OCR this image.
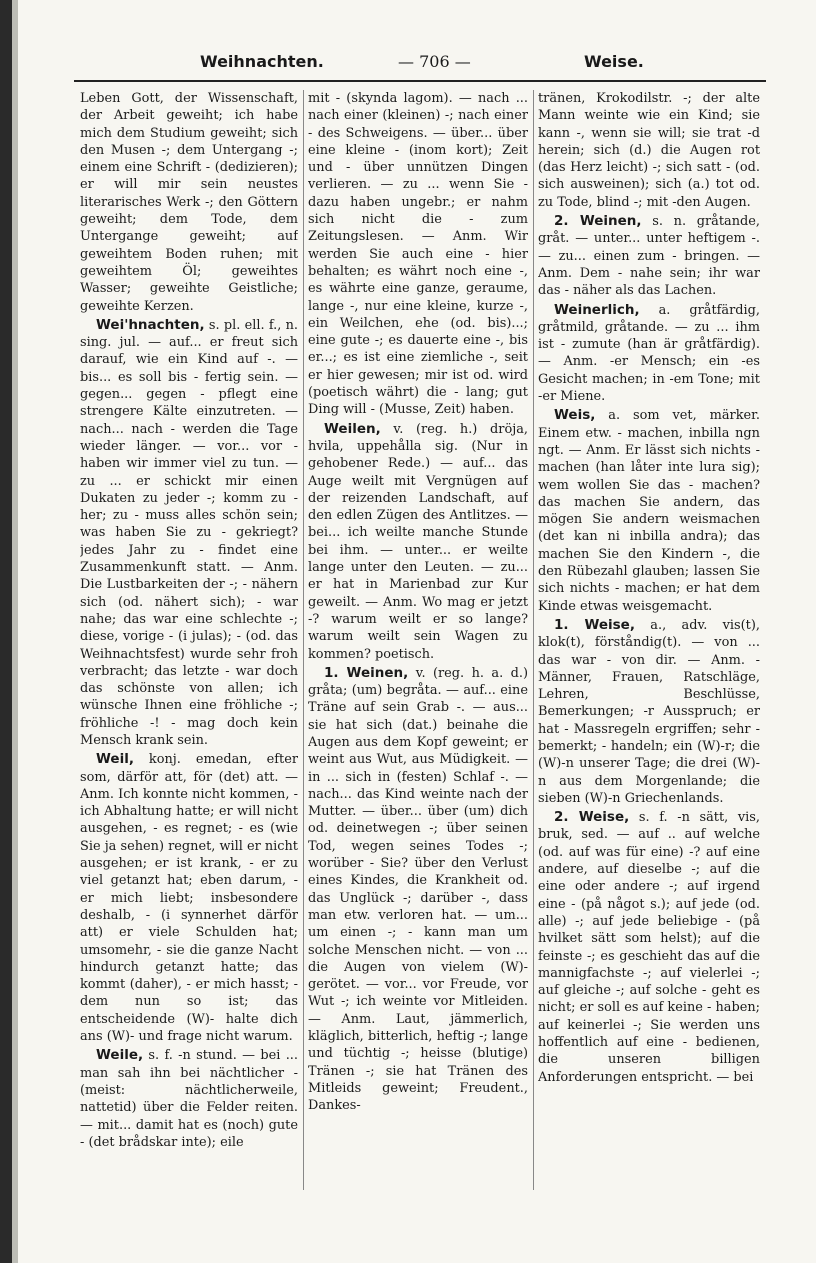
Weihnachten.	— 706 —	Weise.

Leben Gott, der Wissenschaft, der Arbeit geweiht; ich habe mich dem Studium geweiht; sich den Musen -; dem Untergang -; einem eine Schrift - (dedizieren); er will mir sein neustes literarisches Werk -; den Göttern geweiht; dem Tode, dem Untergange geweiht; auf geweihtem Boden ruhen; mit geweihtem Öl; geweihtes Wasser; geweihte Geistliche; geweihte Kerzen.

Wei'hnachten, s. pl. ell. f., n. sing. jul. — auf... er freut sich darauf, wie ein Kind auf -. — bis... es soll bis - fertig sein. — gegen... gegen - pflegt eine strengere Kälte einzutreten. — nach... nach - werden die Tage wieder länger. — vor... vor - haben wir immer viel zu tun. — zu ... er schickt mir einen Dukaten zu jeder -; komm zu - her; zu - muss alles schön sein; was haben Sie zu - gekriegt? jedes Jahr zu - findet eine Zusammenkunft statt. — Anm. Die Lustbarkeiten der -; - nähern sich (od. nähert sich); - war nahe; das war eine schlechte -; diese, vorige - (i julas); - (od. das Weihnachtsfest) wurde sehr froh verbracht; das letzte - war doch das schönste von allen; ich wünsche Ihnen eine fröhliche -; fröhliche -! - mag doch kein Mensch krank sein.

Weil, konj. emedan, efter som, därför att, för (det) att. — Anm. Ich konnte nicht kommen, - ich Abhaltung hatte; er will nicht ausgehen, - es regnet; - es (wie Sie ja sehen) regnet, will er nicht ausgehen; er ist krank, - er zu viel getanzt hat; eben darum, - er mich liebt; insbesondere deshalb, - (i synnerhet därför att) er viele Schulden hat; umsomehr, - sie die ganze Nacht hindurch getanzt hatte; das kommt (daher), - er mich hasst; - dem nun so ist; das entscheidende (W)- halte dich ans (W)- und frage nicht warum.

Weile, s. f. -n stund. — bei ... man sah ihn bei nächtlicher - (meist: nächtlicherweile, nattetid) über die Felder reiten. — mit... damit hat es (noch) gute - (det brådskar inte); eile

mit - (skynda lagom). — nach ... nach einer (kleinen) -; nach einer - des Schweigens. — über... über eine kleine - (inom kort); Zeit und - über unnützen Dingen verlieren. — zu ... wenn Sie - dazu haben ungebr.; er nahm sich nicht die - zum Zeitungslesen. — Anm. Wir werden Sie auch eine - hier behalten; es währt noch eine -, es währte eine ganze, geraume, lange -, nur eine kleine, kurze -, ein Weilchen, ehe (od. bis)...; eine gute -; es dauerte eine -, bis er...; es ist eine ziemliche -, seit er hier gewesen; mir ist od. wird (poetisch währt) die - lang; gut Ding will - (Musse, Zeit) haben.

Weilen, v. (reg. h.) dröja, hvila, uppehålla sig. (Nur in gehobener Rede.) — auf... das Auge weilt mit Vergnügen auf der reizenden Landschaft, auf den edlen Zügen des Antlitzes. — bei... ich weilte manche Stunde bei ihm. — unter... er weilte lange unter den Leuten. — zu... er hat in Marienbad zur Kur geweilt. — Anm. Wo mag er jetzt -? warum weilt er so lange? warum weilt sein Wagen zu kommen? poetisch.

1. Weinen, v. (reg. h. a. d.) gråta; (um) begråta. — auf... eine Träne auf sein Grab -. — aus... sie hat sich (dat.) beinahe die Augen aus dem Kopf geweint; er weint aus Wut, aus Müdigkeit. — in ... sich in (festen) Schlaf -. — nach... das Kind weinte nach der Mutter. — über... über (um) dich od. deinetwegen -; über seinen Tod, wegen seines Todes -; worüber - Sie? über den Verlust eines Kindes, die Krankheit od. das Unglück -; darüber -, dass man etw. verloren hat. — um... um einen -; - kann man um solche Menschen nicht. — von ... die Augen von vielem (W)-gerötet. — vor... vor Freude, vor Wut -; ich weinte vor Mitleiden. — Anm. Laut, jämmerlich, kläglich, bitterlich, heftig -; lange und tüchtig -; heisse (blutige) Tränen -; sie hat Tränen des Mitleids geweint; Freudent., Dankes-

tränen, Krokodilstr. -; der alte Mann weinte wie ein Kind; sie kann -, wenn sie will; sie trat -d herein; sich (d.) die Augen rot (das Herz leicht) -; sich satt - (od. sich ausweinen); sich (a.) tot od. zu Tode, blind -; mit -den Augen.

2. Weinen, s. n. gråtande, gråt. — unter... unter heftigem -. — zu... einen zum - bringen. — Anm. Dem - nahe sein; ihr war das - näher als das Lachen.

Weinerlich, a. gråtfärdig, gråtmild, gråtande. — zu ... ihm ist - zumute (han är gråtfärdig). — Anm. -er Mensch; ein -es Gesicht machen; in -em Tone; mit -er Miene.

Weis, a. som vet, märker. Einem etw. - machen, inbilla ngn ngt. — Anm. Er lässt sich nichts - machen (han låter inte lura sig); wem wollen Sie das - machen? das machen Sie andern, das mögen Sie andern weismachen (det kan ni inbilla andra); das machen Sie den Kindern -, die den Rübezahl glauben; lassen Sie sich nichts - machen; er hat dem Kinde etwas weisgemacht.

1. Weise, a., adv. vis(t), klok(t), förståndig(t). — von ... das war - von dir. — Anm. - Männer, Frauen, Ratschläge, Lehren, Beschlüsse, Bemerkungen; -r Ausspruch; er hat - Massregeln ergriffen; sehr - bemerkt; - handeln; ein (W)-r; die (W)-n unserer Tage; die drei (W)-n aus dem Morgenlande; die sieben (W)-n Griechenlands.

2. Weise, s. f. -n sätt, vis, bruk, sed. — auf .. auf welche (od. auf was für eine) -? auf eine andere, auf dieselbe -; auf die eine oder andere -; auf irgend eine - (på något s.); auf jede (od. alle) -; auf jede beliebige - (på hvilket sätt som helst); auf die feinste -; es geschieht das auf die mannigfachste -; auf vielerlei -; auf gleiche -; auf solche - geht es nicht; er soll es auf keine - haben; auf keinerlei -; Sie werden uns hoffentlich auf eine - bedienen, die unseren billigen Anforderungen entspricht. — bei
